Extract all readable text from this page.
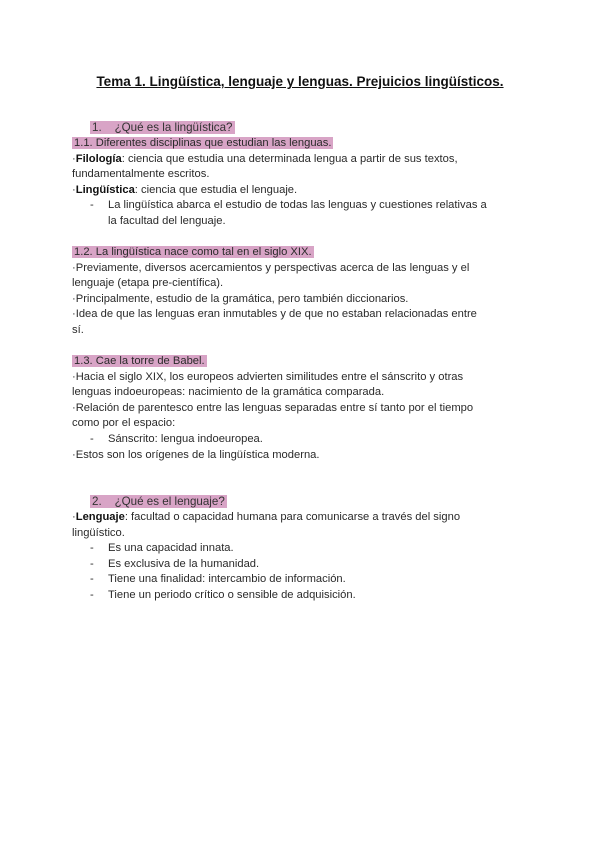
Tema 1. Lingüística, lenguaje y lenguas. Prejuicios lingüísticos.
1. ¿Qué es la lingüística?
1.1. Diferentes disciplinas que estudian las lenguas.
·Filología: ciencia que estudia una determinada lengua a partir de sus textos,
fundamentalmente escritos.
·Lingüística: ciencia que estudia el lenguaje.
- La lingüística abarca el estudio de todas las lenguas y cuestiones relativas a
la facultad del lenguaje.
1.2. La lingüística nace como tal en el siglo XIX.
·Previamente, diversos acercamientos y perspectivas acerca de las lenguas y el
lenguaje (etapa pre-científica).
·Principalmente, estudio de la gramática, pero también diccionarios.
·Idea de que las lenguas eran inmutables y de que no estaban relacionadas entre
sí.
1.3. Cae la torre de Babel.
·Hacia el siglo XIX, los europeos advierten similitudes entre el sánscrito y otras
lenguas indoeuropeas: nacimiento de la gramática comparada.
·Relación de parentesco entre las lenguas separadas entre sí tanto por el tiempo
como por el espacio:
- Sánscrito: lengua indoeuropea.
·Estos son los orígenes de la lingüística moderna.
2. ¿Qué es el lenguaje?
·Lenguaje: facultad o capacidad humana para comunicarse a través del signo
lingüístico.
- Es una capacidad innata.
- Es exclusiva de la humanidad.
- Tiene una finalidad: intercambio de información.
- Tiene un periodo crítico o sensible de adquisición.
